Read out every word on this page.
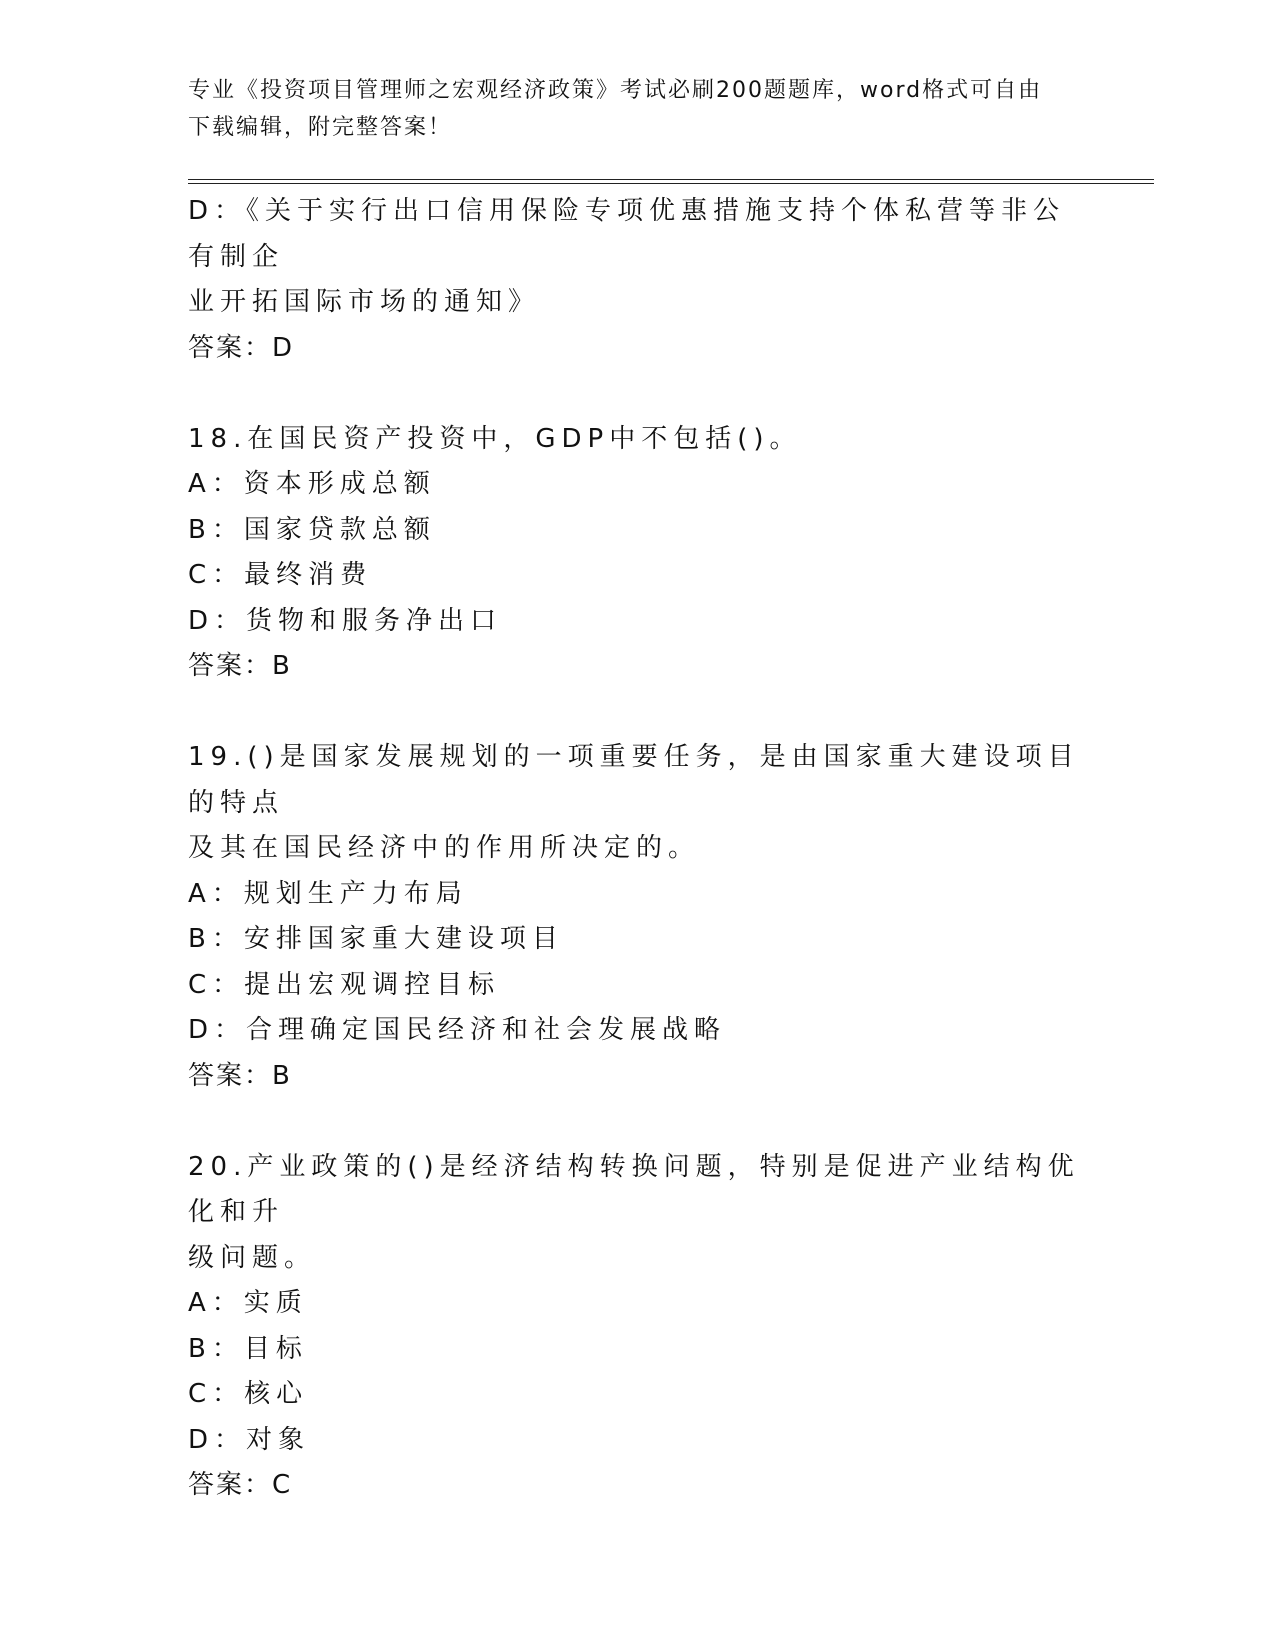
专业《投资项目管理师之宏观经济政策》考试必刷200题题库，word格式可自由
下载编辑，附完整答案！
D：《关于实行出口信用保险专项优惠措施支持个体私营等非公有制企
业开拓国际市场的通知》
答案：D
18.在国民资产投资中，GDP中不包括()。
A：资本形成总额
B：国家贷款总额
C：最终消费
D：货物和服务净出口
答案：B
19.()是国家发展规划的一项重要任务，是由国家重大建设项目的特点
及其在国民经济中的作用所决定的。
A：规划生产力布局
B：安排国家重大建设项目
C：提出宏观调控目标
D：合理确定国民经济和社会发展战略
答案：B
20.产业政策的()是经济结构转换问题，特别是促进产业结构优化和升
级问题。
A：实质
B：目标
C：核心
D：对象
答案：C
